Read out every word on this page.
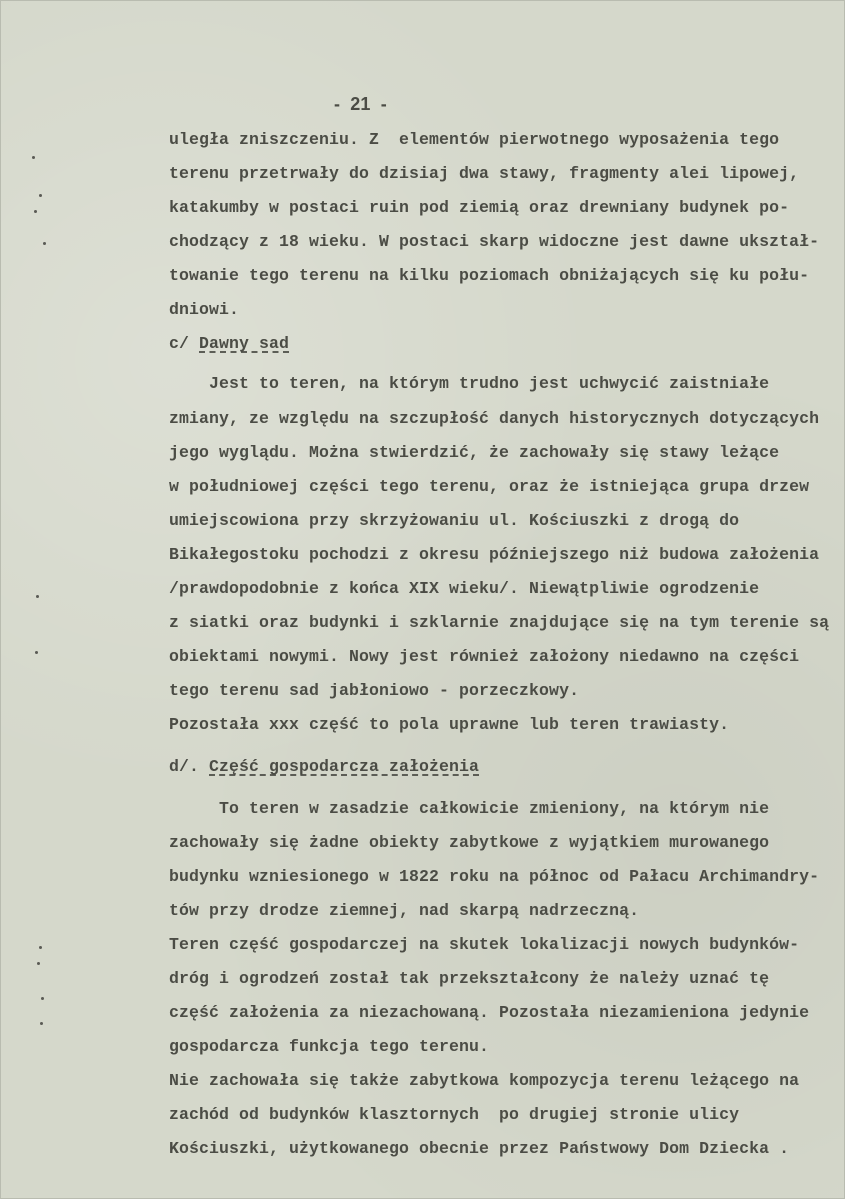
-  21  -
uległa zniszczeniu. Z  elementów pierwotnego wyposażenia tego
terenu przetrwały do dzisiaj dwa stawy, fragmenty alei lipowej,
katakumby w postaci ruin pod ziemią oraz drewniany budynek po-
chodzący z 18 wieku. W postaci skarp widoczne jest dawne ukształ-
towanie tego terenu na kilku poziomach obniżających się ku połu-
dniowi.
c/ Dawny sad
Jest to teren, na którym trudno jest uchwycić zaistniałe
zmiany, ze względu na szczupłość danych historycznych dotyczących
jego wyglądu. Można stwierdzić, że zachowały się stawy leżące
w południowej części tego terenu, oraz że istniejąca grupa drzew
umiejscowiona przy skrzyżowaniu ul. Kościuszki z drogą do
Bikałegostoku pochodzi z okresu późniejszego niż budowa założenia
/prawdopodobnie z końca XIX wieku/. Niewątpliwie ogrodzenie
z siatki oraz budynki i szklarnie znajdujące się na tym terenie są
obiektami nowymi. Nowy jest również założony niedawno na części
tego terenu sad jabłoniowo - porzeczkowy.
Pozostała xxx część to pola uprawne lub teren trawiasty.
d/. Część gospodarcza założenia
To teren w zasadzie całkowicie zmieniony, na którym nie
zachowały się żadne obiekty zabytkowe z wyjątkiem murowanego
budynku wzniesionego w 1822 roku na północ od Pałacu Archimandry-
tów przy drodze ziemnej, nad skarpą nadrzeczną.
Teren część gospodarczej na skutek lokalizacji nowych budynków-
dróg i ogrodzeń został tak przekształcony że należy uznać tę
część założenia za niezachowaną. Pozostała niezamieniona jedynie
gospodarcza funkcja tego terenu.
Nie zachowała się także zabytkowa kompozycja terenu leżącego na
zachód od budynków klasztornych  po drugiej stronie ulicy
Kościuszki, użytkowanego obecnie przez Państwowy Dom Dziecka .
